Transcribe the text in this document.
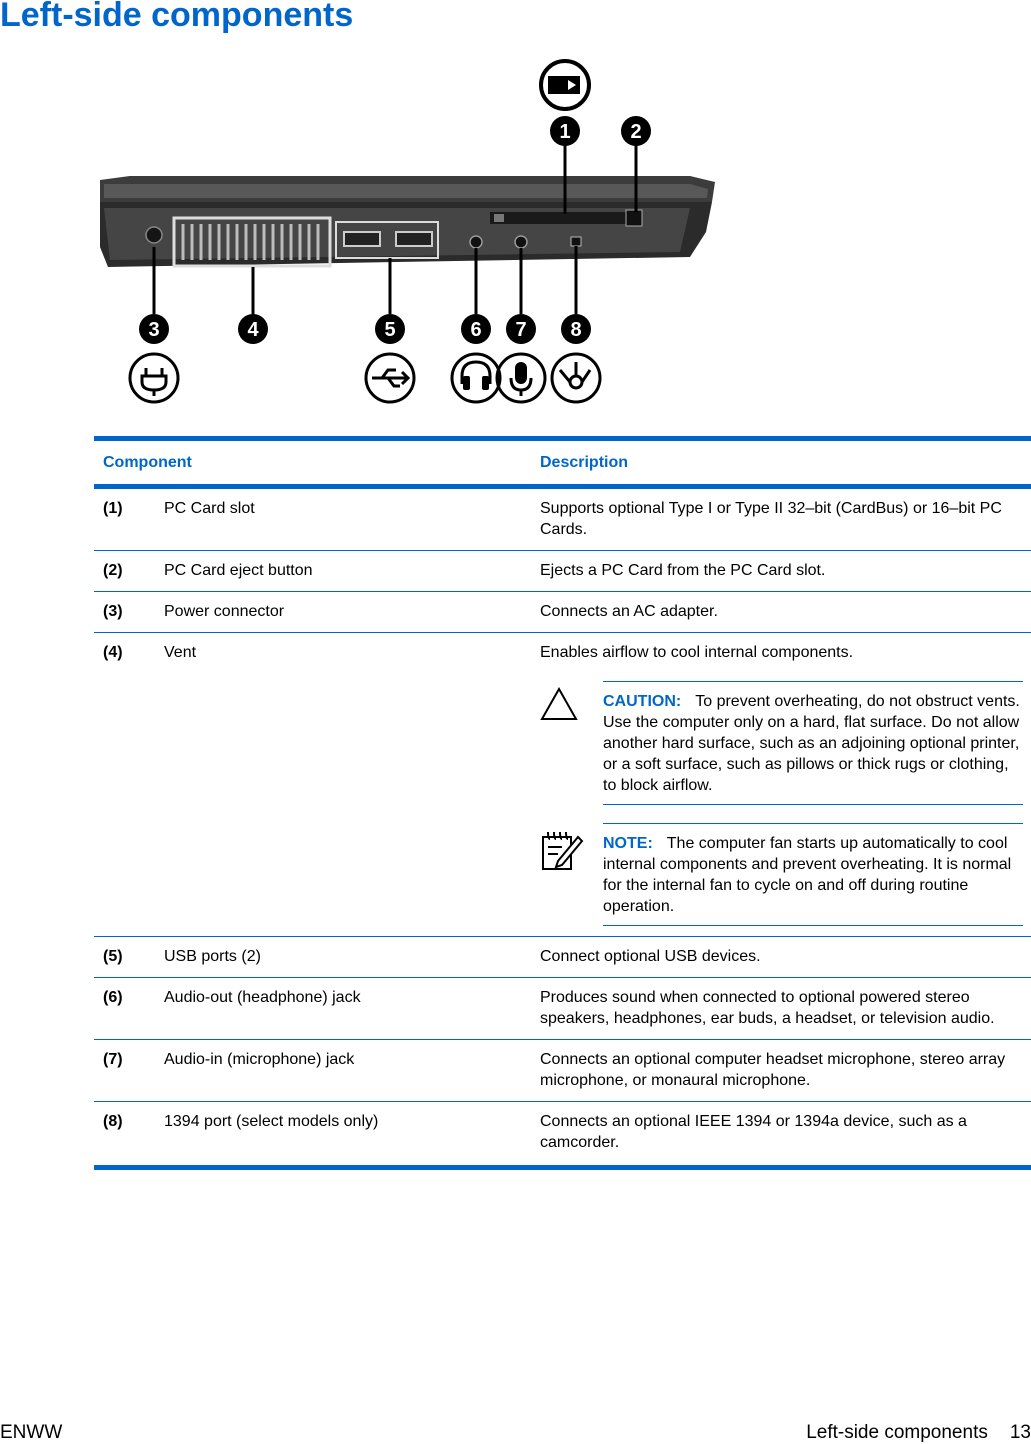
Left-side components
1	2
3	4	5	6 7 8
Component		Description
(1)	PC Card slot	Supports optional Type I or Type II 32–bit (CardBus) or 16–bit PC Cards.
(2)	PC Card eject button	Ejects a PC Card from the PC Card slot.
(3)	Power connector	Connects an AC adapter.
(4)	Vent	Enables airflow to cool internal components.
CAUTION: To prevent overheating, do not obstruct vents. Use the computer only on a hard, flat surface. Do not allow another hard surface, such as an adjoining optional printer, or a soft surface, such as pillows or thick rugs or clothing, to block airflow.
NOTE: The computer fan starts up automatically to cool internal components and prevent overheating. It is normal for the internal fan to cycle on and off during routine operation.

(5)	USB ports (2)	Connect optional USB devices.
(6)	Audio-out (headphone) jack	Produces sound when connected to optional powered stereo speakers, headphones, ear buds, a headset, or television audio.
(7)	Audio-in (microphone) jack	Connects an optional computer headset microphone, stereo array microphone, or monaural microphone.
(8)	1394 port (select models only)	Connects an optional IEEE 1394 or 1394a device, such as a camcorder.
ENWW	Left-side components 13
